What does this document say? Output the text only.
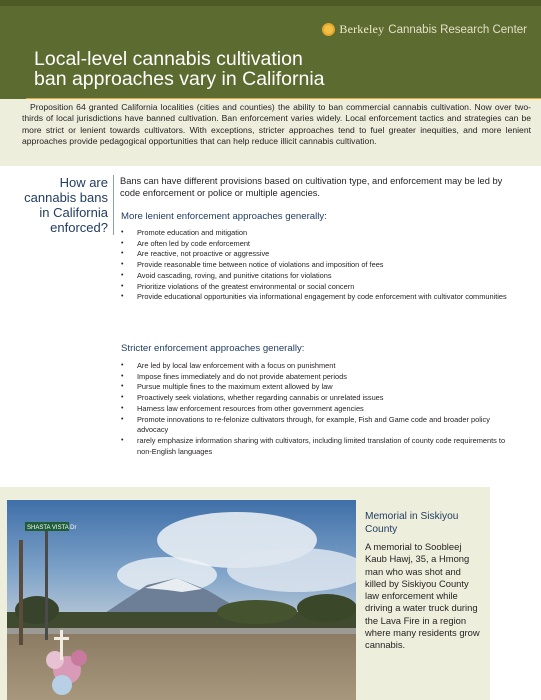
Berkeley Cannabis Research Center
Local-level cannabis cultivation
ban approaches vary in California

Proposition 64 granted California localities (cities and counties) the ability to ban commercial cannabis cultivation. Now over two-thirds of local jurisdictions have banned cultivation. Ban enforcement varies widely. Local enforcement tactics and strategies can be more strict or lenient towards cultivators. With exceptions, stricter approaches tend to fuel greater inequities, and more lenient approaches provide pedagogical opportunities that can help reduce illicit cannabis cultivation.

How are
cannabis bans
in California
enforced?

Bans can have different provisions based on cultivation type, and enforcement may be led by code enforcement or police or multiple agencies.

More lenient enforcement approaches generally:
• Promote education and mitigation
• Are often led by code enforcement
• Are reactive, not proactive or aggressive
• Provide reasonable time between notice of violations and imposition of fees
• Avoid cascading, roving, and punitive citations for violations
• Prioritize violations of the greatest environmental or social concern
• Provide educational opportunities via informational engagement by code enforcement with cultivator communities
Stricter enforcement approaches generally:
• Are led by local law enforcement with a focus on punishment
• Impose fines immediately and do not provide abatement periods
• Pursue multiple fines to the maximum extent allowed by law
• Proactively seek violations, whether regarding cannabis or unrelated issues
• Harness law enforcement resources from other government agencies
• Promote innovations to re-felonize cultivators through, for example, Fish and Game code and broader policy advocacy
• rarely emphasize information sharing with cultivators, including limited translation of county code requirements to non-English languages
SHASTA VISTA Dr
Memorial in Siskiyou County

A memorial to Soobleej Kaub Hawj, 35, a Hmong man who was shot and killed by Siskiyou County law enforcement while driving a water truck during the Lava Fire in a region where many residents grow cannabis.
